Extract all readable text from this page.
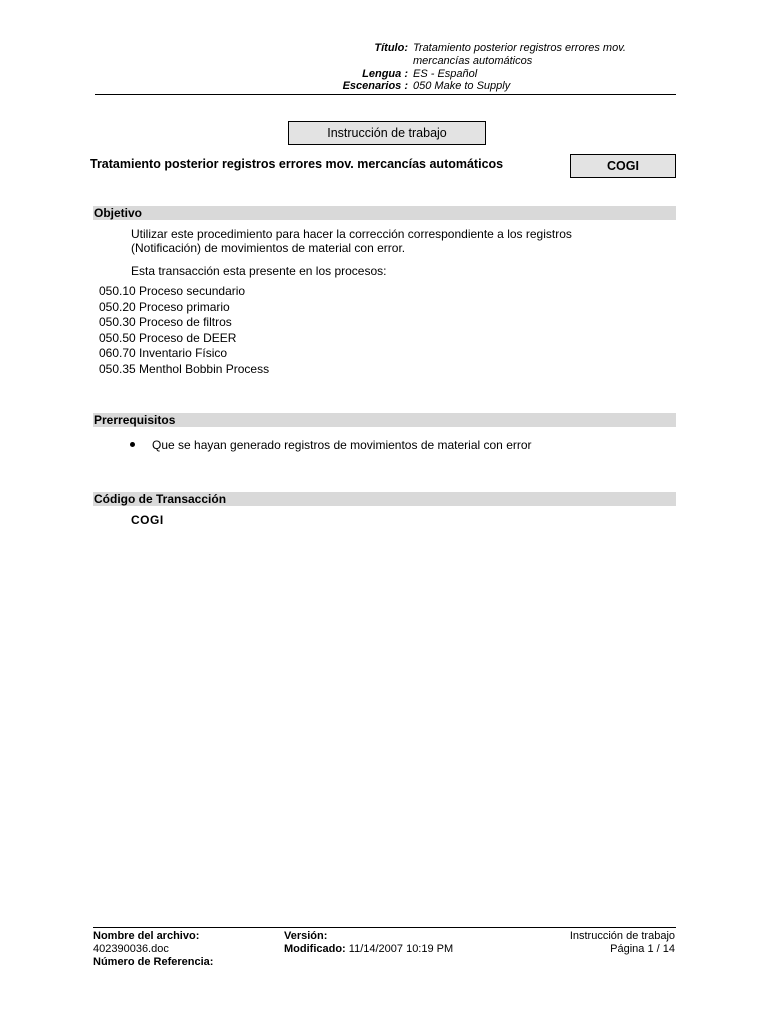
Título: Tratamiento posterior registros errores mov.
mercancías automáticos
Lengua : ES - Español
Escenarios : 050 Make to Supply
Instrucción de trabajo
Tratamiento posterior registros errores mov. mercancías automáticos	COGI
Objetivo
Utilizar este procedimiento para hacer la corrección correspondiente a los registros
(Notificación) de movimientos de material con error.
Esta transacción esta presente en los procesos:
050.10 Proceso secundario
050.20 Proceso primario
050.30 Proceso de filtros
050.50 Proceso de DEER
060.70 Inventario Físico
050.35 Menthol Bobbin Process
Prerrequisitos
Que se hayan generado registros de movimientos de material con error
Código de Transacción
COGI
Nombre del archivo:
402390036.doc
Número de Referencia:
Versión:
Modificado: 11/14/2007 10:19 PM
Instrucción de trabajo
Página 1 / 14
